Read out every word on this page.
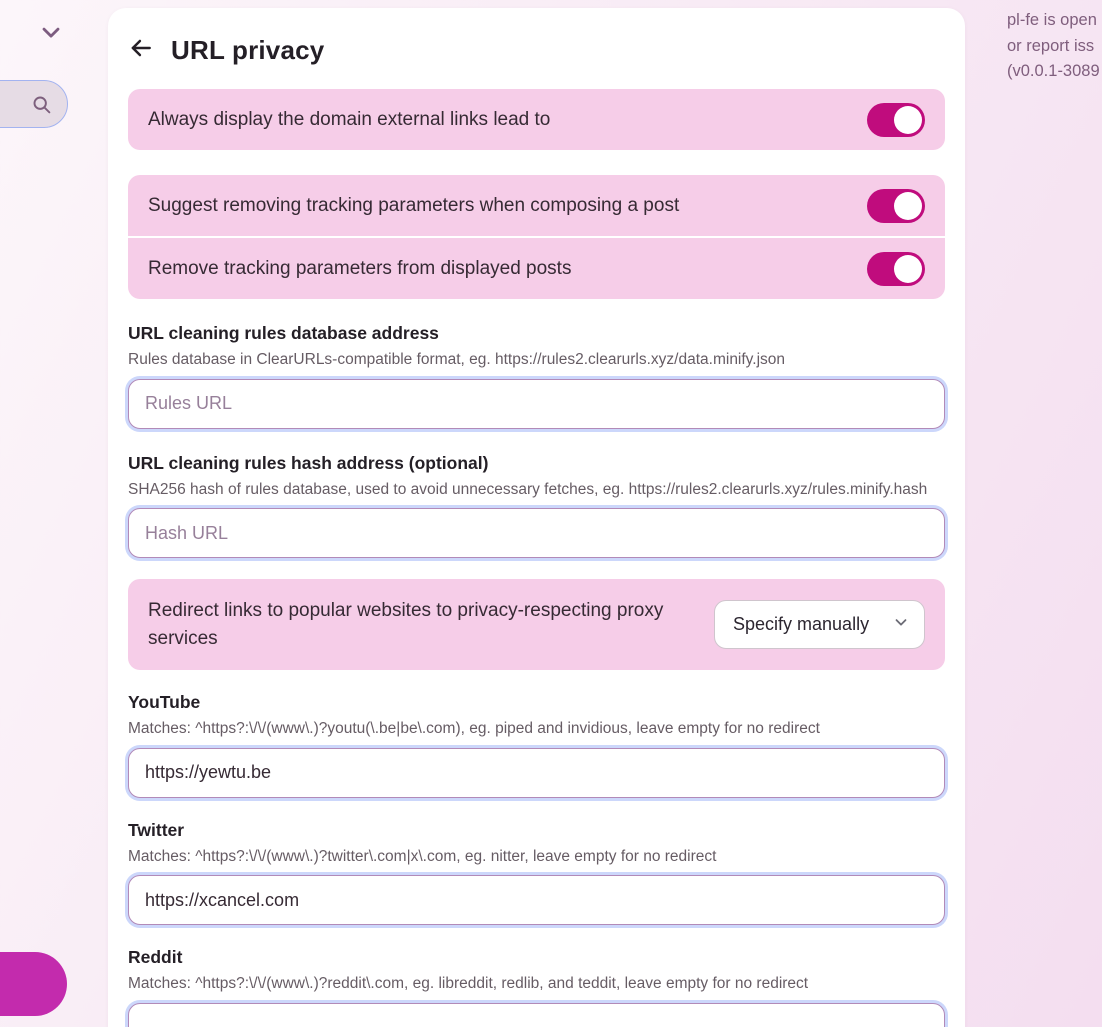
pl-fe is open
or report iss
(v0.0.1-3089
URL privacy
Always display the domain external links lead to
Suggest removing tracking parameters when composing a post
Remove tracking parameters from displayed posts
URL cleaning rules database address
Rules database in ClearURLs-compatible format, eg. https://rules2.clearurls.xyz/data.minify.json
Rules URL
URL cleaning rules hash address (optional)
SHA256 hash of rules database, used to avoid unnecessary fetches, eg. https://rules2.clearurls.xyz/rules.minify.hash
Hash URL
Redirect links to popular websites to privacy-respecting proxy services
Specify manually
YouTube
Matches: ^https?:\/\/(www\.)?youtu(\.be|be\.com), eg. piped and invidious, leave empty for no redirect
https://yewtu.be
Twitter
Matches: ^https?:\/\/(www\.)?twitter\.com|x\.com, eg. nitter, leave empty for no redirect
https://xcancel.com
Reddit
Matches: ^https?:\/\/(www\.)?reddit\.com, eg. libreddit, redlib, and teddit, leave empty for no redirect
